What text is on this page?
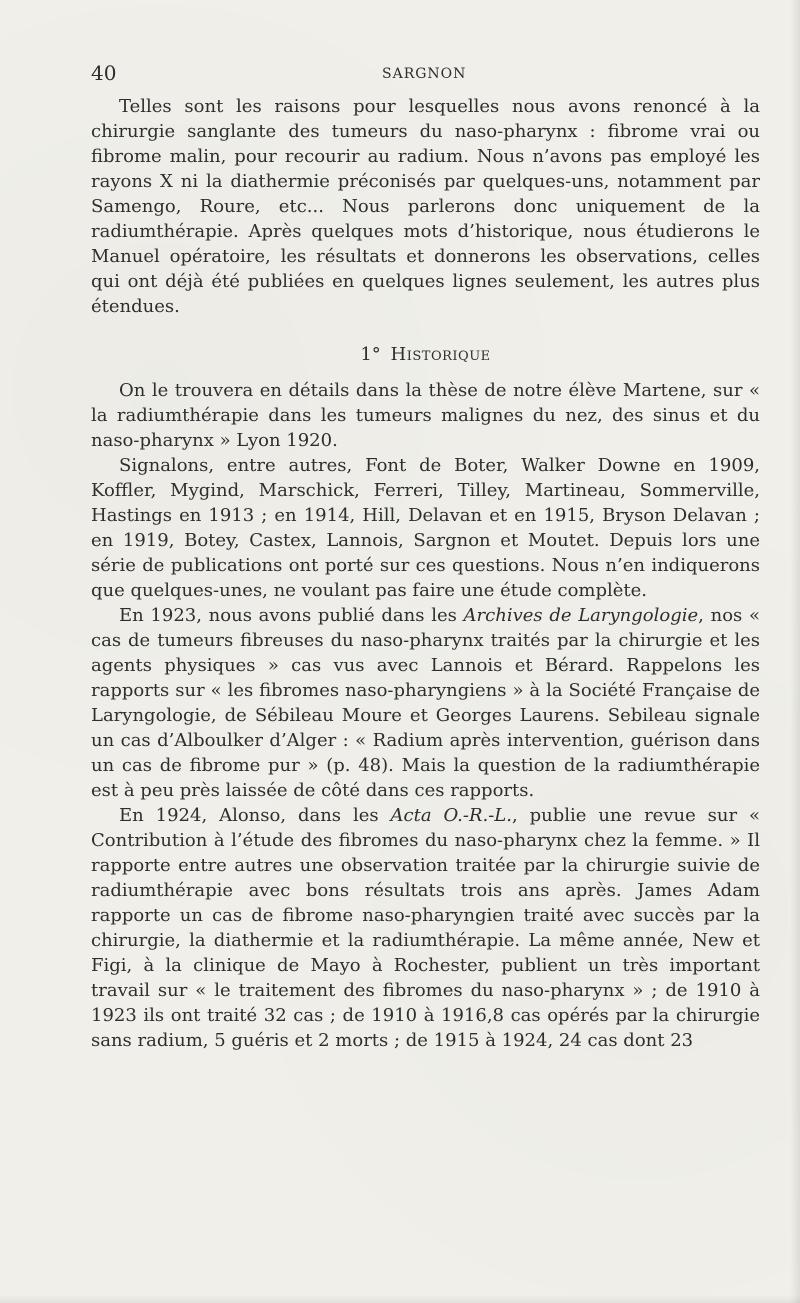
40	SARGNON

Telles sont les raisons pour lesquelles nous avons renoncé à la chirurgie sanglante des tumeurs du naso-pharynx : fibrome vrai ou fibrome malin, pour recourir au radium. Nous n’avons pas employé les rayons X ni la diathermie préconisés par quelques-uns, notamment par Samengo, Roure, etc... Nous parlerons donc uniquement de la radiumthérapie. Après quelques mots d’historique, nous étudierons le Manuel opératoire, les résultats et donnerons les observations, celles qui ont déjà été publiées en quelques lignes seulement, les autres plus étendues.

1° Historique

On le trouvera en détails dans la thèse de notre élève Martene, sur « la radiumthérapie dans les tumeurs malignes du nez, des sinus et du naso-pharynx » Lyon 1920.

Signalons, entre autres, Font de Boter, Walker Downe en 1909, Koffler, Mygind, Marschick, Ferreri, Tilley, Martineau, Sommerville, Hastings en 1913 ; en 1914, Hill, Delavan et en 1915, Bryson Delavan ; en 1919, Botey, Castex, Lannois, Sargnon et Moutet. Depuis lors une série de publications ont porté sur ces questions. Nous n’en indiquerons que quelques-unes, ne voulant pas faire une étude complète.

En 1923, nous avons publié dans les Archives de Laryngologie, nos « cas de tumeurs fibreuses du naso-pharynx traités par la chirurgie et les agents physiques » cas vus avec Lannois et Bérard. Rappelons les rapports sur « les fibromes naso-pharyngiens » à la Société Française de Laryngologie, de Sébileau Moure et Georges Laurens. Sebileau signale un cas d’Alboulker d’Alger : « Radium après intervention, guérison dans un cas de fibrome pur » (p. 48). Mais la question de la radiumthérapie est à peu près laissée de côté dans ces rapports.

En 1924, Alonso, dans les Acta O.-R.-L., publie une revue sur « Contribution à l’étude des fibromes du naso-pharynx chez la femme. » Il rapporte entre autres une observation traitée par la chirurgie suivie de radiumthérapie avec bons résultats trois ans après. James Adam rapporte un cas de fibrome naso-pharyngien traité avec succès par la chirurgie, la diathermie et la radiumthérapie. La même année, New et Figi, à la clinique de Mayo à Rochester, publient un très important travail sur « le traitement des fibromes du naso-pharynx » ; de 1910 à 1923 ils ont traité 32 cas ; de 1910 à 1916,8 cas opérés par la chirurgie sans radium, 5 guéris et 2 morts ; de 1915 à 1924, 24 cas dont 23
